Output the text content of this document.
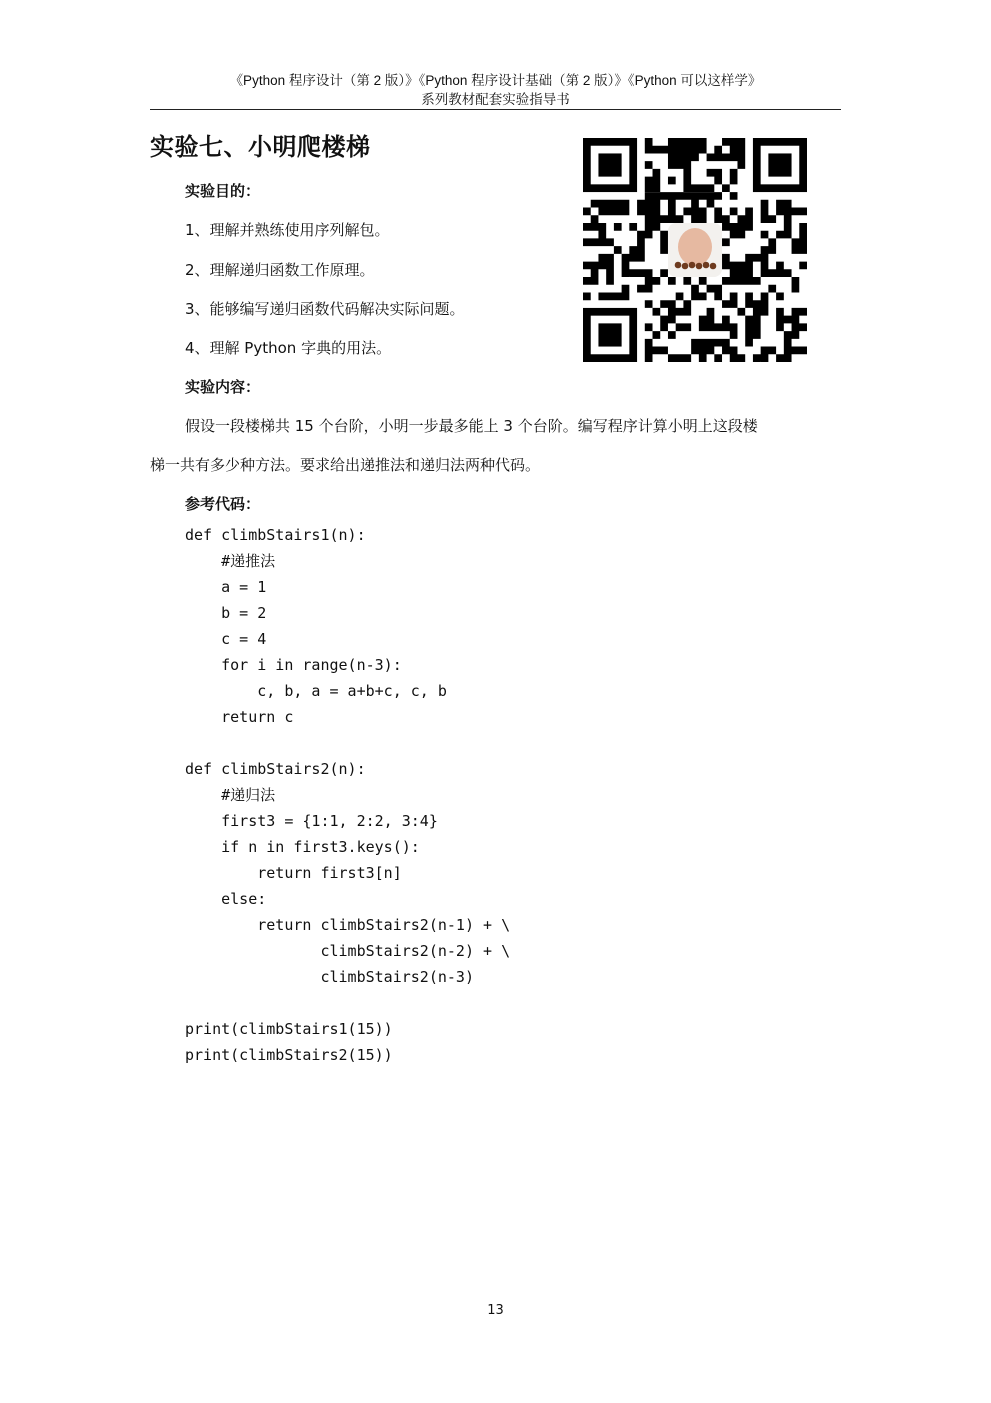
《Python 程序设计（第 2 版）》《Python 程序设计基础（第 2 版）》《Python 可以这样学》
系列教材配套实验指导书
实验七、小明爬楼梯
实验目的：
1、理解并熟练使用序列解包。
2、理解递归函数工作原理。
3、能够编写递归函数代码解决实际问题。
4、理解 Python 字典的用法。
实验内容：
假设一段楼梯共 15 个台阶，小明一步最多能上 3 个台阶。编写程序计算小明上这段楼
梯一共有多少种方法。要求给出递推法和递归法两种代码。
参考代码：
def climbStairs1(n):
#递推法
a = 1
b = 2
c = 4
for i in range(n-3):
c, b, a = a+b+c, c, b
return c
def climbStairs2(n):
#递归法
first3 = {1:1, 2:2, 3:4}
if n in first3.keys():
return first3[n]
else:
return climbStairs2(n-1) + \
climbStairs2(n-2) + \
climbStairs2(n-3)
print(climbStairs1(15))
print(climbStairs2(15))
13
